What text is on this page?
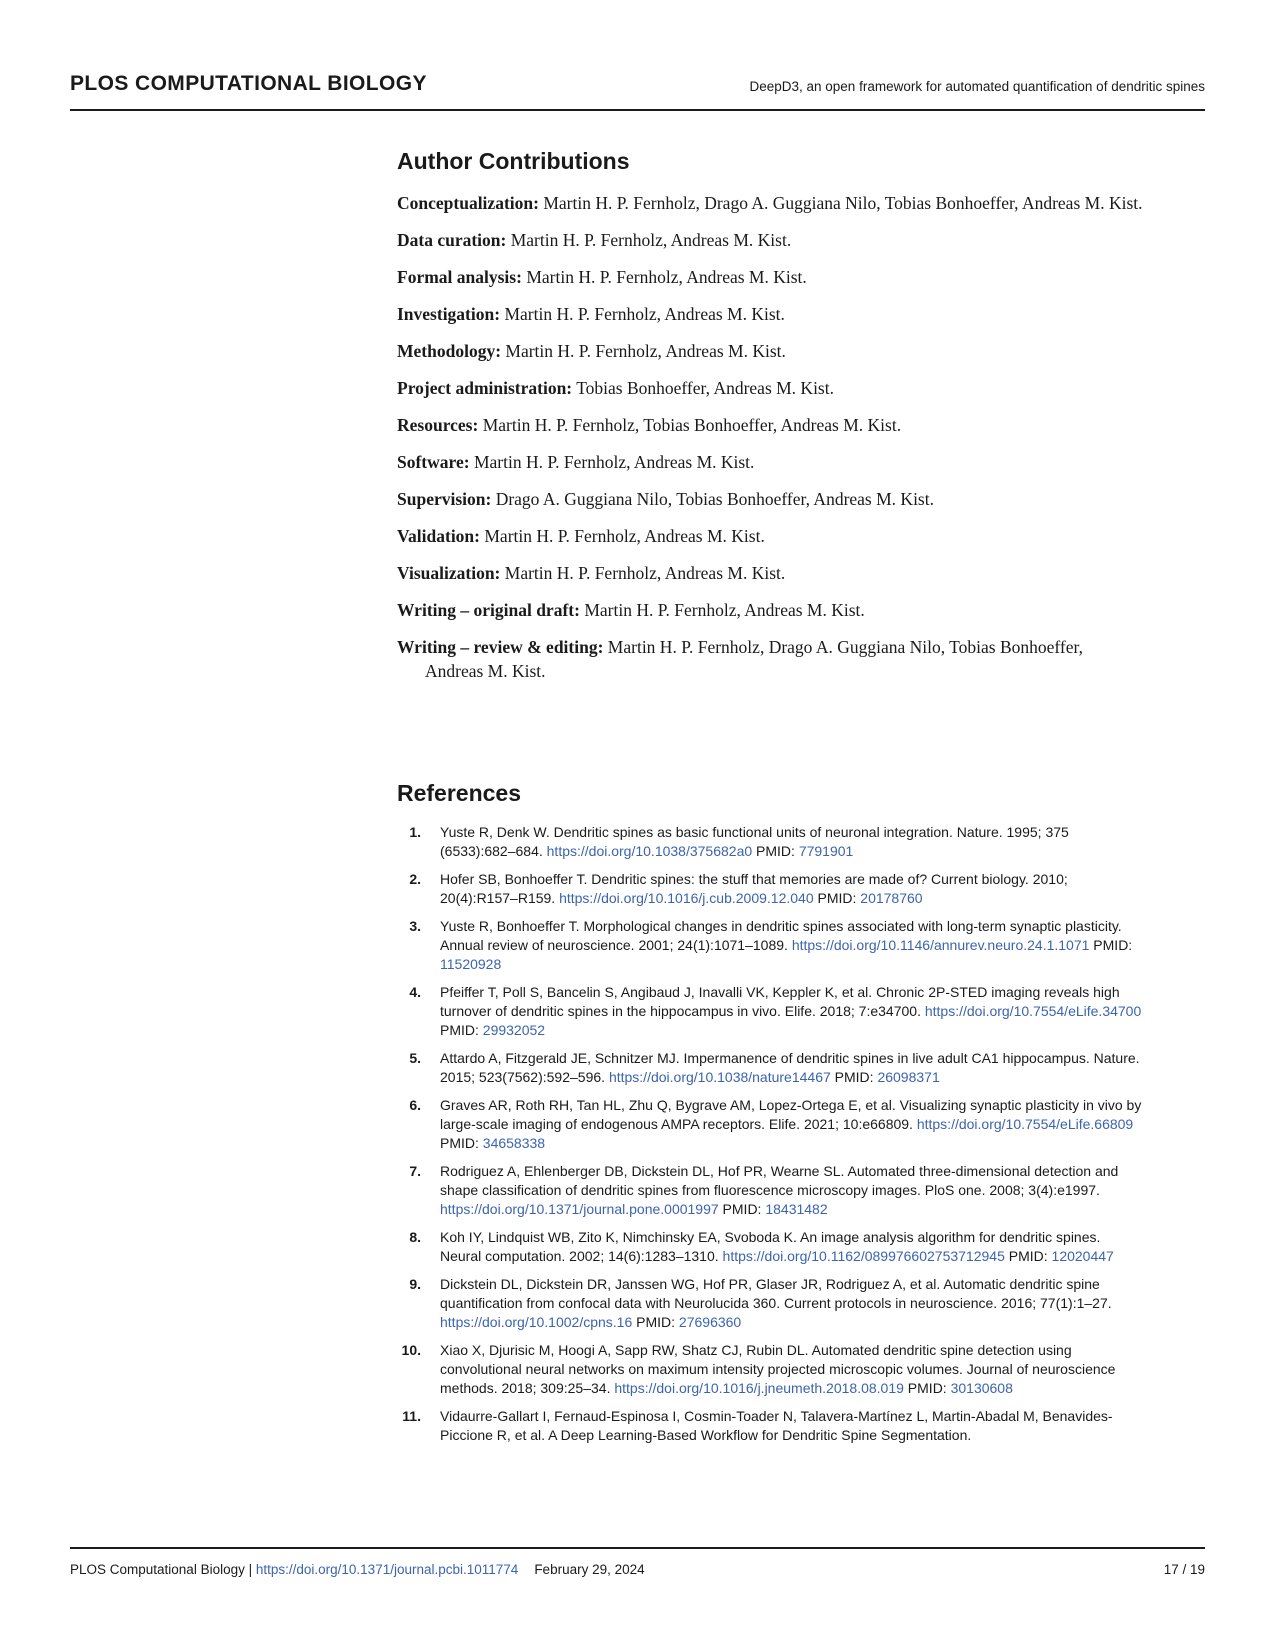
PLOS COMPUTATIONAL BIOLOGY	DeepD3, an open framework for automated quantification of dendritic spines
Author Contributions

Conceptualization: Martin H. P. Fernholz, Drago A. Guggiana Nilo, Tobias Bonhoeffer, Andreas M. Kist.

Data curation: Martin H. P. Fernholz, Andreas M. Kist.

Formal analysis: Martin H. P. Fernholz, Andreas M. Kist.

Investigation: Martin H. P. Fernholz, Andreas M. Kist.

Methodology: Martin H. P. Fernholz, Andreas M. Kist.

Project administration: Tobias Bonhoeffer, Andreas M. Kist.

Resources: Martin H. P. Fernholz, Tobias Bonhoeffer, Andreas M. Kist.

Software: Martin H. P. Fernholz, Andreas M. Kist.

Supervision: Drago A. Guggiana Nilo, Tobias Bonhoeffer, Andreas M. Kist.

Validation: Martin H. P. Fernholz, Andreas M. Kist.

Visualization: Martin H. P. Fernholz, Andreas M. Kist.

Writing – original draft: Martin H. P. Fernholz, Andreas M. Kist.

Writing – review & editing: Martin H. P. Fernholz, Drago A. Guggiana Nilo, Tobias Bonhoeffer, Andreas M. Kist.

References
1. Yuste R, Denk W. Dendritic spines as basic functional units of neuronal integration. Nature. 1995; 375 (6533):682–684. https://doi.org/10.1038/375682a0 PMID: 7791901
2. Hofer SB, Bonhoeffer T. Dendritic spines: the stuff that memories are made of? Current biology. 2010; 20(4):R157–R159. https://doi.org/10.1016/j.cub.2009.12.040 PMID: 20178760
3. Yuste R, Bonhoeffer T. Morphological changes in dendritic spines associated with long-term synaptic plasticity. Annual review of neuroscience. 2001; 24(1):1071–1089. https://doi.org/10.1146/annurev.neuro.24.1.1071 PMID: 11520928
4. Pfeiffer T, Poll S, Bancelin S, Angibaud J, Inavalli VK, Keppler K, et al. Chronic 2P-STED imaging reveals high turnover of dendritic spines in the hippocampus in vivo. Elife. 2018; 7:e34700. https://doi.org/10.7554/eLife.34700 PMID: 29932052
5. Attardo A, Fitzgerald JE, Schnitzer MJ. Impermanence of dendritic spines in live adult CA1 hippocampus. Nature. 2015; 523(7562):592–596. https://doi.org/10.1038/nature14467 PMID: 26098371
6. Graves AR, Roth RH, Tan HL, Zhu Q, Bygrave AM, Lopez-Ortega E, et al. Visualizing synaptic plasticity in vivo by large-scale imaging of endogenous AMPA receptors. Elife. 2021; 10:e66809. https://doi.org/10.7554/eLife.66809 PMID: 34658338
7. Rodriguez A, Ehlenberger DB, Dickstein DL, Hof PR, Wearne SL. Automated three-dimensional detection and shape classification of dendritic spines from fluorescence microscopy images. PloS one. 2008; 3(4):e1997. https://doi.org/10.1371/journal.pone.0001997 PMID: 18431482
8. Koh IY, Lindquist WB, Zito K, Nimchinsky EA, Svoboda K. An image analysis algorithm for dendritic spines. Neural computation. 2002; 14(6):1283–1310. https://doi.org/10.1162/089976602753712945 PMID: 12020447
9. Dickstein DL, Dickstein DR, Janssen WG, Hof PR, Glaser JR, Rodriguez A, et al. Automatic dendritic spine quantification from confocal data with Neurolucida 360. Current protocols in neuroscience. 2016; 77(1):1–27. https://doi.org/10.1002/cpns.16 PMID: 27696360
10. Xiao X, Djurisic M, Hoogi A, Sapp RW, Shatz CJ, Rubin DL. Automated dendritic spine detection using convolutional neural networks on maximum intensity projected microscopic volumes. Journal of neuroscience methods. 2018; 309:25–34. https://doi.org/10.1016/j.jneumeth.2018.08.019 PMID: 30130608
11. Vidaurre-Gallart I, Fernaud-Espinosa I, Cosmin-Toader N, Talavera-Martínez L, Martin-Abadal M, Benavides-Piccione R, et al. A Deep Learning-Based Workflow for Dendritic Spine Segmentation.
PLOS Computational Biology | https://doi.org/10.1371/journal.pcbi.1011774 February 29, 2024	17 / 19
